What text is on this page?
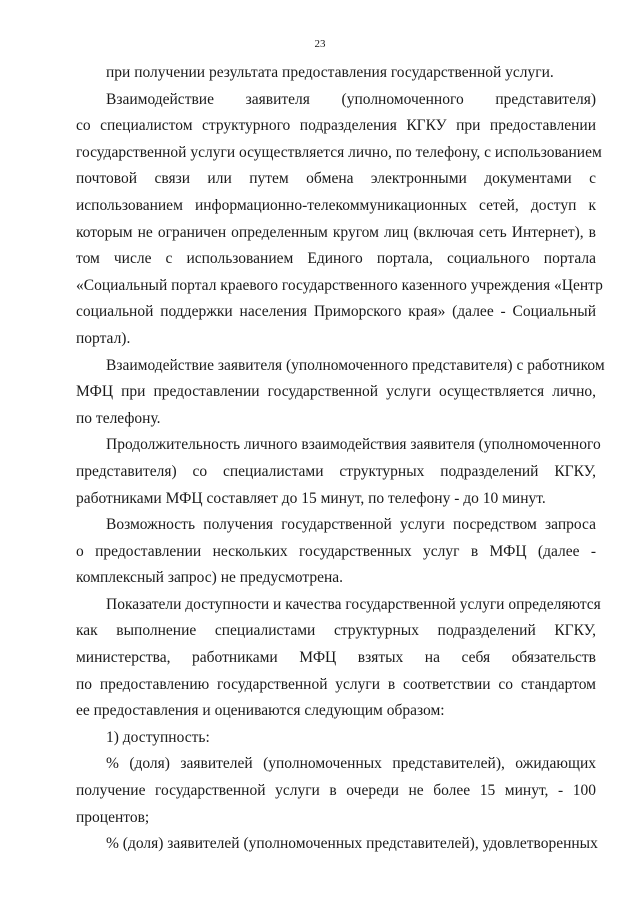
23
при получении результата предоставления государственной услуги.
Взаимодействие заявителя (уполномоченного представителя)
со специалистом структурного подразделения КГКУ при предоставлении
государственной услуги осуществляется лично, по телефону, с использованием
почтовой связи или путем обмена электронными документами с
использованием информационно-телекоммуникационных сетей, доступ к
которым не ограничен определенным кругом лиц (включая сеть Интернет), в
том числе с использованием Единого портала, социального портала
«Социальный портал краевого государственного казенного учреждения «Центр
социальной поддержки населения Приморского края» (далее - Социальный
портал).
Взаимодействие заявителя (уполномоченного представителя) с работником
МФЦ при предоставлении государственной услуги осуществляется лично,
по телефону.
Продолжительность личного взаимодействия заявителя (уполномоченного
представителя) со специалистами структурных подразделений КГКУ,
работниками МФЦ составляет до 15 минут, по телефону - до 10 минут.
Возможность получения государственной услуги посредством запроса
о предоставлении нескольких государственных услуг в МФЦ (далее -
комплексный запрос) не предусмотрена.
Показатели доступности и качества государственной услуги определяются
как выполнение специалистами структурных подразделений КГКУ,
министерства, работниками МФЦ взятых на себя обязательств
по предоставлению государственной услуги в соответствии со стандартом
ее предоставления и оцениваются следующим образом:
1) доступность:
% (доля) заявителей (уполномоченных представителей), ожидающих
получение государственной услуги в очереди не более 15 минут, - 100
процентов;
% (доля) заявителей (уполномоченных представителей), удовлетворенных
